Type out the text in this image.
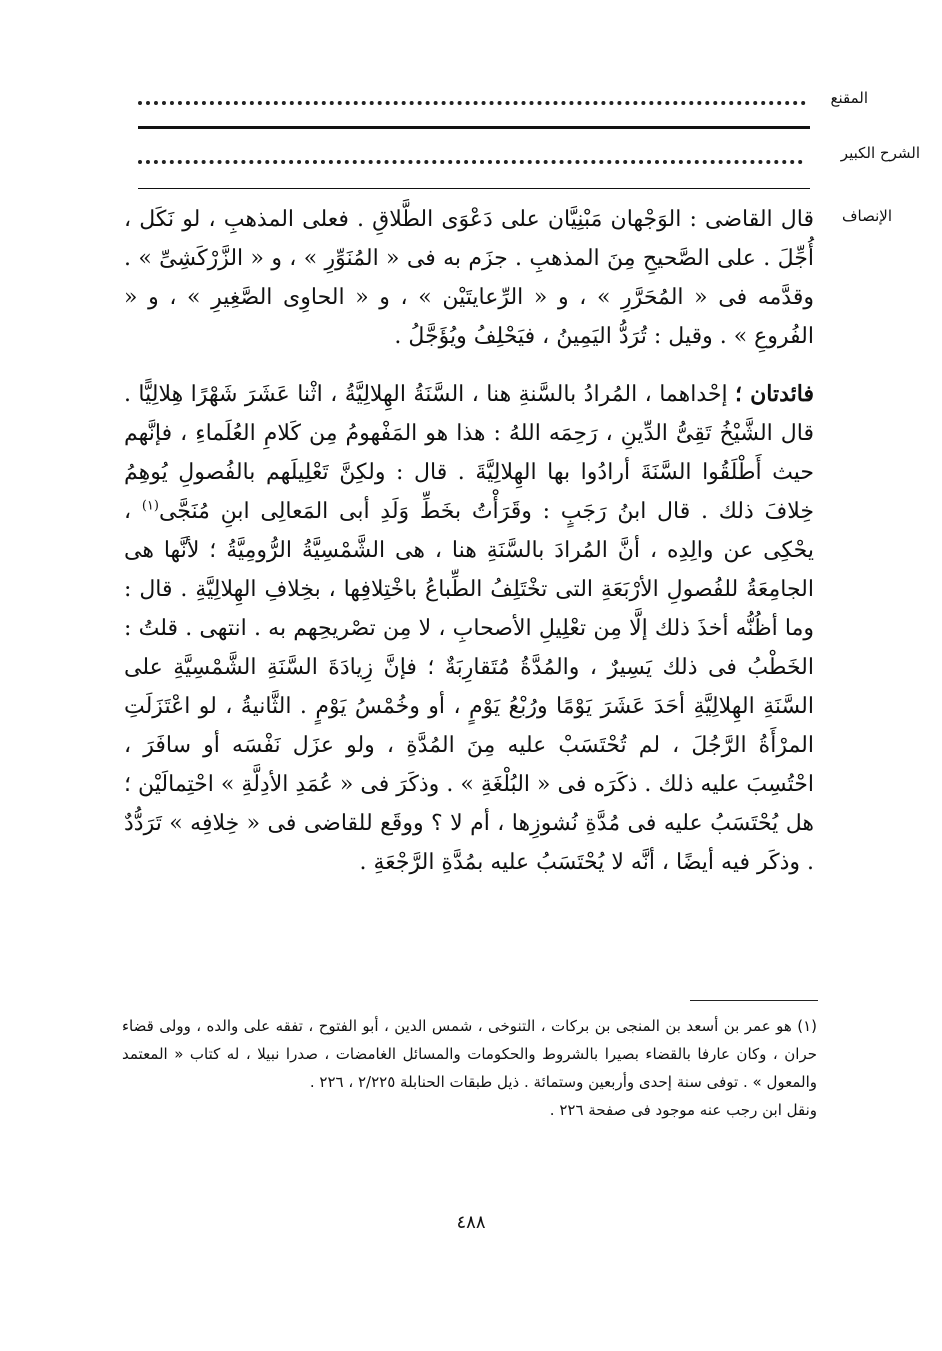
المقنع
الشرح الكبير
الإنصاف

قال القاضى : الوَجْهان مَبْنِيَّان على دَعْوَى الطَّلاقِ . فعلى المذهبِ ، لو نَكَل ، أُجِّلَ . على الصَّحيحِ مِنَ المذهبِ . جزَم به فى « المُنَوِّرِ » ، و « الزَّرْكَشِىِّ » . وقدَّمه فى « المُحَرَّرِ » ، و « الرِّعايتَيْن » ، و « الحاوِى الصَّغِيرِ » ، و « الفُروعِ » . وقيل : تُرَدُّ اليَمِينُ ، فيَحْلِفُ ويُؤَجَّلُ .

فائدتان ؛ إحْداهما ، المُرادُ بالسَّنةِ هنا ، السَّنَةُ الهِلالِيَّةُ ، اثْنا عَشَرَ شَهْرًا هِلالِيًّا . قال الشَّيْخُ تَقِىُّ الدِّينِ ، رَحِمَه اللهُ : هذا هو المَفْهومُ مِن كَلامِ العُلَماءِ ، فإنَّهم حيث أَطْلَقُوا السَّنَةَ أرادُوا بها الهِلالِيَّةَ . قال : ولكِنَّ تَعْلِيلَهم بالفُصولِ يُوهِمُ خِلافَ ذلك . قال ابنُ رَجَبٍ : وقَرَأْتُ بخَطِّ وَلَدِ أبى المَعالِى ابنِ مُنَجَّى$^{(١)}$ ، يحْكِى عن والِدِه ، أنَّ المُرادَ بالسَّنَةِ هنا ، هى الشَّمْسِيَّةُ الرُّومِيَّةُ ؛ لأنَّها هى الجامِعَةُ للفُصولِ الأرْبَعَةِ التى تخْتَلِفُ الطِّباعُ باخْتِلافِها ، بخِلافِ الهِلالِيَّةِ . قال : وما أظُنُّه أخذَ ذلك إلَّا مِن تعْلِيلِ الأصحابِ ، لا مِن تصْريحِهم به . انتهى . قلتُ : الخَطْبُ فى ذلك يَسِيرٌ ، والمُدَّةُ مُتَقارِبَةٌ ؛ فإنَّ زِيادَةَ السَّنَةِ الشَّمْسِيَّةِ على السَّنَةِ الهِلالِيَّةِ أحَدَ عَشَرَ يَوْمًا ورُبْعُ يَوْمٍ ، أو وخُمْسُ يَوْمٍ . الثَّانيةُ ، لو اعْتَزَلَتِ المرْأَةُ الرَّجُلَ ، لم تُحْتَسَبْ عليه مِنَ المُدَّةِ ، ولو عزَل نَفْسَه أو سافَرَ ، احْتُسِبَ عليه ذلك . ذكَرَه فى « البُلْغَةِ » . وذكَرَ فى « عُمَدِ الأدِلَّةِ » احْتِمالَيْن ؛ هل يُحْتَسَبُ عليه فى مُدَّةِ نُشوزِها ، أم لا ؟ ووقَع للقاضى فى « خِلافِه » تَرَدُّدٌ . وذكَر فيه أيضًا ، أنَّه لا يُحْتَسَبُ عليه بمُدَّةِ الرَّجْعَةِ .

(١) هو عمر بن أسعد بن المنجى بن بركات ، التنوخى ، شمس الدين ، أبو الفتوح ، تفقه على والده ، وولى قضاء حران ، وكان عارفا بالقضاء بصيرا بالشروط والحكومات والمسائل الغامضات ، صدرا نبيلا ، له كتاب « المعتمد والمعول » . توفى سنة إحدى وأربعين وستمائة . ذيل طبقات الحنابلة ٢/٢٢٥ ، ٢٢٦ .

ونقل ابن رجب عنه موجود فى صفحة ٢٢٦ .

٤٨٨
